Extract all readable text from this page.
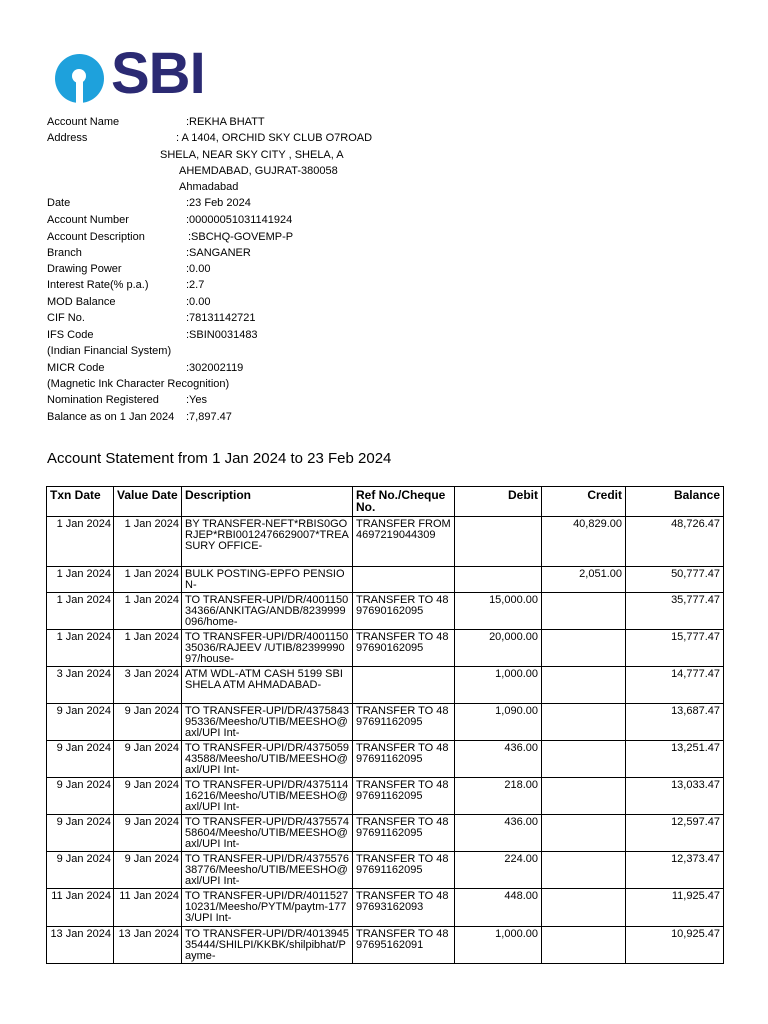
SBI
Account Name	:REKHA BHATT
Address	: A 1404, ORCHID SKY CLUB O7ROAD
SHELA, NEAR SKY CITY , SHELA, A
AHEMDABAD, GUJRAT-380058
Ahmadabad
Date	:23 Feb 2024
Account Number	:00000051031141924
Account Description	:SBCHQ-GOVEMP-P
Branch	:SANGANER
Drawing Power	:0.00
Interest Rate(% p.a.)	:2.7
MOD Balance	:0.00
CIF No.	:78131142721
IFS Code	:SBIN0031483
(Indian Financial System)
MICR Code	:302002119
(Magnetic Ink Character Recognition)
Nomination Registered :Yes
Balance as on 1 Jan 2024 :7,897.47
Account Statement from 1 Jan 2024 to 23 Feb 2024
Txn Date	Value Date	Description	Ref No./Cheque No.	Debit	Credit	Balance
1 Jan 2024	1 Jan 2024	BY TRANSFER-NEFT*RBIS0GORJEP*RBI0012476629007*TREASURY OFFICE-	TRANSFER FROM 4697219044309		40,829.00	48,726.47
1 Jan 2024	1 Jan 2024	BULK POSTING-EPFO PENSION-			2,051.00	50,777.47
1 Jan 2024	1 Jan 2024	TO TRANSFER-UPI/DR/400115034366/ANKITAG/ANDB/8239999096/home-	TRANSFER TO 4897690162095	15,000.00		35,777.47
1 Jan 2024	1 Jan 2024	TO TRANSFER-UPI/DR/400115035036/RAJEEV /UTIB/8239999097/house-	TRANSFER TO 4897690162095	20,000.00		15,777.47
3 Jan 2024	3 Jan 2024	ATM WDL-ATM CASH 5199 SBI SHELA ATM AHMADABAD-		1,000.00		14,777.47
9 Jan 2024	9 Jan 2024	TO TRANSFER-UPI/DR/437584395336/Meesho/UTIB/MEESHO@axl/UPI Int-	TRANSFER TO 4897691162095	1,090.00		13,687.47
9 Jan 2024	9 Jan 2024	TO TRANSFER-UPI/DR/437505943588/Meesho/UTIB/MEESHO@axl/UPI Int-	TRANSFER TO 4897691162095	436.00		13,251.47
9 Jan 2024	9 Jan 2024	TO TRANSFER-UPI/DR/437511416216/Meesho/UTIB/MEESHO@axl/UPI Int-	TRANSFER TO 4897691162095	218.00		13,033.47
9 Jan 2024	9 Jan 2024	TO TRANSFER-UPI/DR/437557458604/Meesho/UTIB/MEESHO@axl/UPI Int-	TRANSFER TO 4897691162095	436.00		12,597.47
9 Jan 2024	9 Jan 2024	TO TRANSFER-UPI/DR/437557638776/Meesho/UTIB/MEESHO@axl/UPI Int-	TRANSFER TO 4897691162095	224.00		12,373.47
11 Jan 2024	11 Jan 2024	TO TRANSFER-UPI/DR/401152710231/Meesho/PYTM/paytm-1773/UPI Int-	TRANSFER TO 4897693162093	448.00		11,925.47
13 Jan 2024	13 Jan 2024	TO TRANSFER-UPI/DR/401394535444/SHILPI/KKBK/shilpibhat/Payme-	TRANSFER TO 4897695162091	1,000.00		10,925.47
